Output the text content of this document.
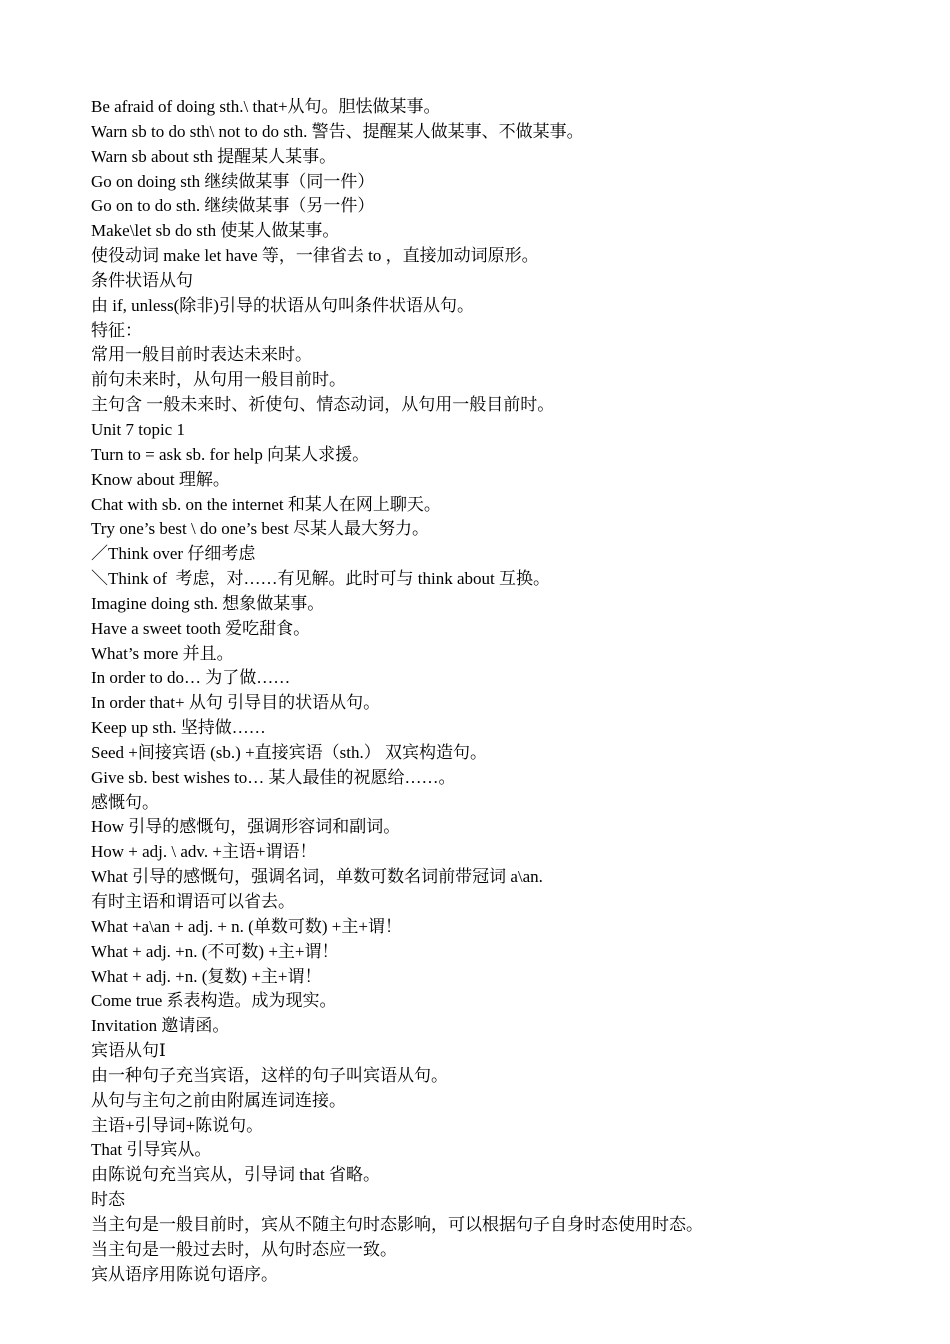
Be afraid of doing sth.\ that+从句。胆怯做某事。

Warn sb to do sth\ not to do sth. 警告、提醒某人做某事、不做某事。

Warn sb about sth 提醒某人某事。

Go on doing sth 继续做某事（同一件）

Go on to do sth. 继续做某事（另一件）

Make\let sb do sth 使某人做某事。

使役动词 make let have 等，一律省去 to ，直接加动词原形。

条件状语从句

由 if, unless(除非)引导的状语从句叫条件状语从句。

特征：

常用一般目前时表达未来时。

前句未来时，从句用一般目前时。

主句含 一般未来时、祈使句、情态动词，从句用一般目前时。

Unit 7 topic 1

Turn to = ask sb. for help 向某人求援。

Know about 理解。

Chat with sb. on the internet 和某人在网上聊天。

Try one’s best \ do one’s best 尽某人最大努力。

／Think over 仔细考虑

＼Think of  考虑，对……有见解。此时可与 think about 互换。

Imagine doing sth. 想象做某事。

Have a sweet tooth 爱吃甜食。

What’s more 并且。

In order to do… 为了做……

In order that+ 从句 引导目的状语从句。

Keep up sth. 坚持做……

Seed +间接宾语 (sb.) +直接宾语（sth.） 双宾构造句。

Give sb. best wishes to… 某人最佳的祝愿给……。

感慨句。

How 引导的感慨句，强调形容词和副词。

How + adj. \ adv. +主语+谓语！

What 引导的感慨句，强调名词，单数可数名词前带冠词 a\an.

有时主语和谓语可以省去。

What +a\an + adj. + n. (单数可数) +主+谓！

What + adj. +n. (不可数) +主+谓！

What + adj. +n. (复数) +主+谓！

Come true 系表构造。成为现实。

Invitation 邀请函。

宾语从句Ⅰ

由一种句子充当宾语，这样的句子叫宾语从句。

从句与主句之前由附属连词连接。

主语+引导词+陈说句。

That 引导宾从。

由陈说句充当宾从，引导词 that 省略。

时态

当主句是一般目前时，宾从不随主句时态影响，可以根据句子自身时态使用时态。

当主句是一般过去时，从句时态应一致。

宾从语序用陈说句语序。
